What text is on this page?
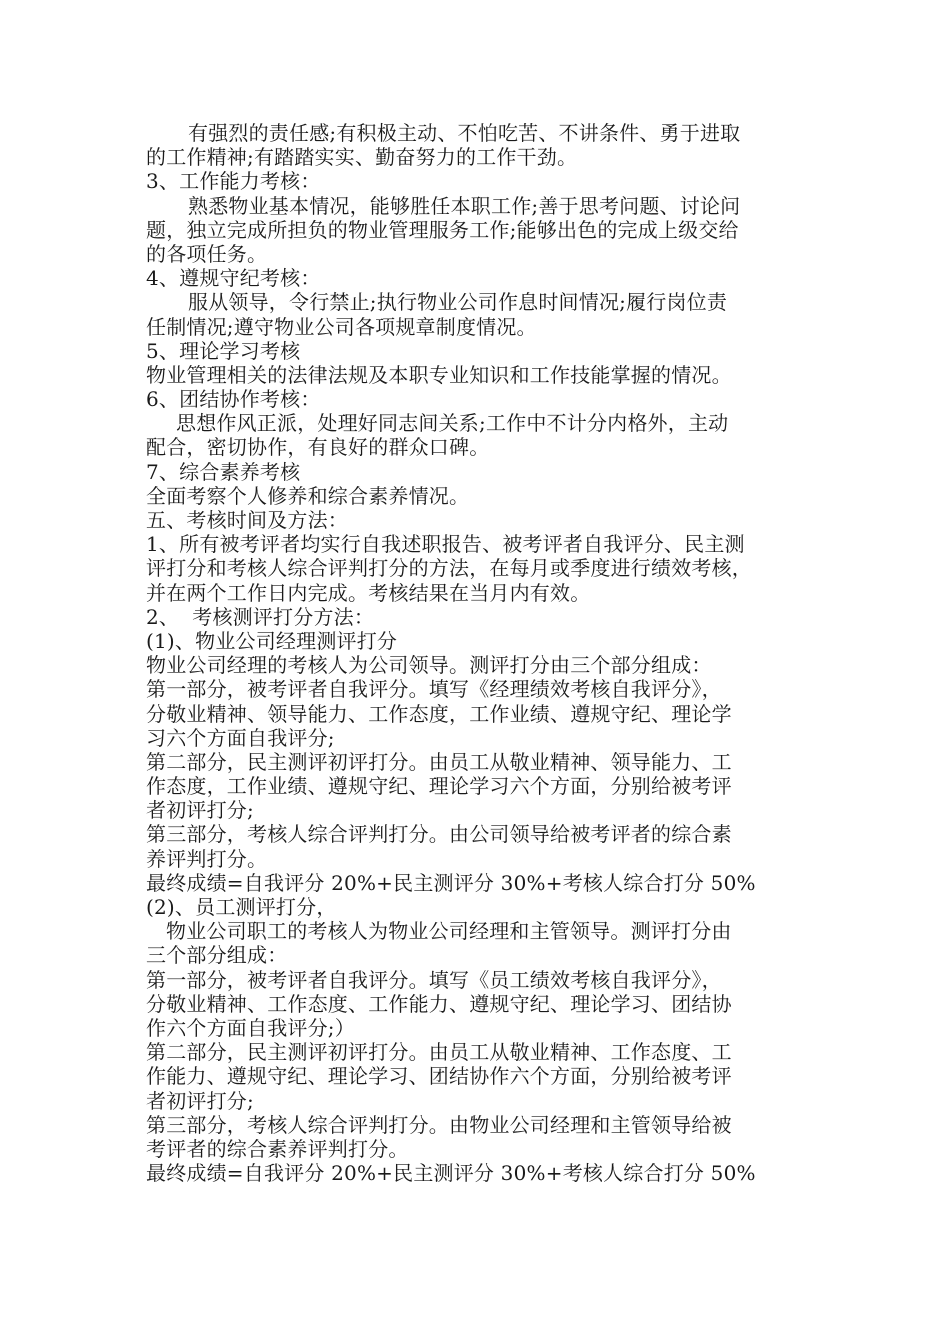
有强烈的责任感;有积极主动、不怕吃苦、不讲条件、勇于进取
的工作精神;有踏踏实实、勤奋努力的工作干劲。
3、工作能力考核：
熟悉物业基本情况，能够胜任本职工作;善于思考问题、讨论问
题，独立完成所担负的物业管理服务工作;能够出色的完成上级交给
的各项任务。
4、遵规守纪考核：
服从领导，令行禁止;执行物业公司作息时间情况;履行岗位责
任制情况;遵守物业公司各项规章制度情况。
5、理论学习考核
物业管理相关的法律法规及本职专业知识和工作技能掌握的情况。
6、团结协作考核：
思想作风正派，处理好同志间关系;工作中不计分内格外，主动
配合，密切协作，有良好的群众口碑。
7、综合素养考核
全面考察个人修养和综合素养情况。
五、考核时间及方法：
1、所有被考评者均实行自我述职报告、被考评者自我评分、民主测
评打分和考核人综合评判打分的方法，在每月或季度进行绩效考核，
并在两个工作日内完成。考核结果在当月内有效。
2、  考核测评打分方法：
(1)、物业公司经理测评打分
物业公司经理的考核人为公司领导。测评打分由三个部分组成：
第一部分，被考评者自我评分。填写《经理绩效考核自我评分》，
分敬业精神、领导能力、工作态度，工作业绩、遵规守纪、理论学
习六个方面自我评分;
第二部分，民主测评初评打分。由员工从敬业精神、领导能力、工
作态度，工作业绩、遵规守纪、理论学习六个方面，分别给被考评
者初评打分;
第三部分，考核人综合评判打分。由公司领导给被考评者的综合素
养评判打分。
最终成绩=自我评分 20%+民主测评分 30%+考核人综合打分 50%
(2)、员工测评打分，
物业公司职工的考核人为物业公司经理和主管领导。测评打分由
三个部分组成：
第一部分，被考评者自我评分。填写《员工绩效考核自我评分》，
分敬业精神、工作态度、工作能力、遵规守纪、理论学习、团结协
作六个方面自我评分;）
第二部分，民主测评初评打分。由员工从敬业精神、工作态度、工
作能力、遵规守纪、理论学习、团结协作六个方面，分别给被考评
者初评打分;
第三部分，考核人综合评判打分。由物业公司经理和主管领导给被
考评者的综合素养评判打分。
最终成绩=自我评分 20%+民主测评分 30%+考核人综合打分 50%
